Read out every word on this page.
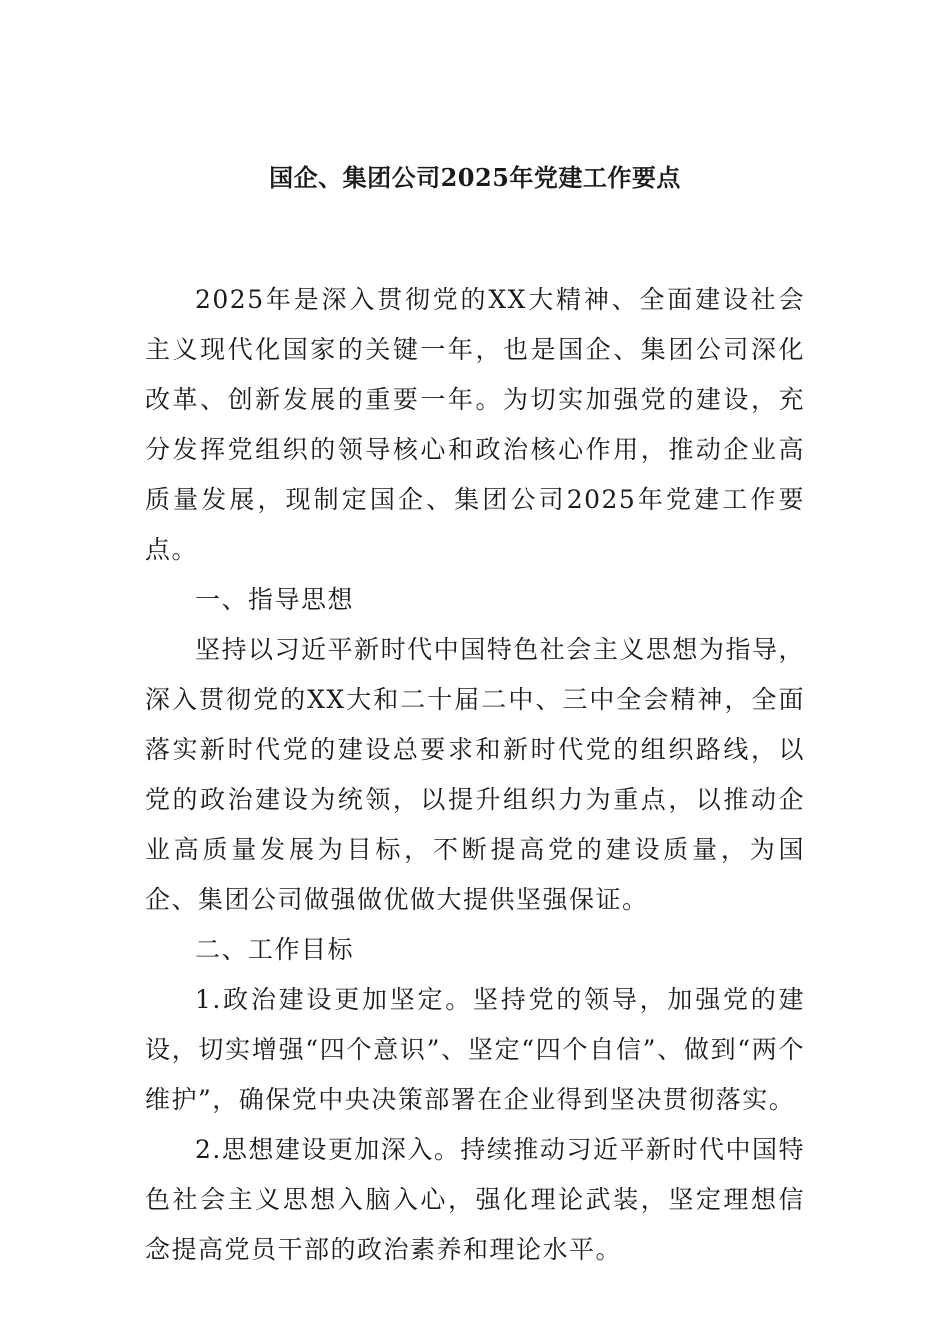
国企、集团公司2025年党建工作要点

2025年是深入贯彻党的XX大精神、全面建设社会主义现代化国家的关键一年，也是国企、集团公司深化改革、创新发展的重要一年。为切实加强党的建设，充分发挥党组织的领导核心和政治核心作用，推动企业高质量发展，现制定国企、集团公司2025年党建工作要点。

一、指导思想

坚持以习近平新时代中国特色社会主义思想为指导，深入贯彻党的XX大和二十届二中、三中全会精神，全面落实新时代党的建设总要求和新时代党的组织路线，以党的政治建设为统领，以提升组织力为重点，以推动企业高质量发展为目标，不断提高党的建设质量，为国企、集团公司做强做优做大提供坚强保证。

二、工作目标

1.政治建设更加坚定。坚持党的领导，加强党的建设，切实增强“四个意识”、坚定“四个自信”、做到“两个维护”，确保党中央决策部署在企业得到坚决贯彻落实。

2.思想建设更加深入。持续推动习近平新时代中国特色社会主义思想入脑入心，强化理论武装，坚定理想信念提高党员干部的政治素养和理论水平。
